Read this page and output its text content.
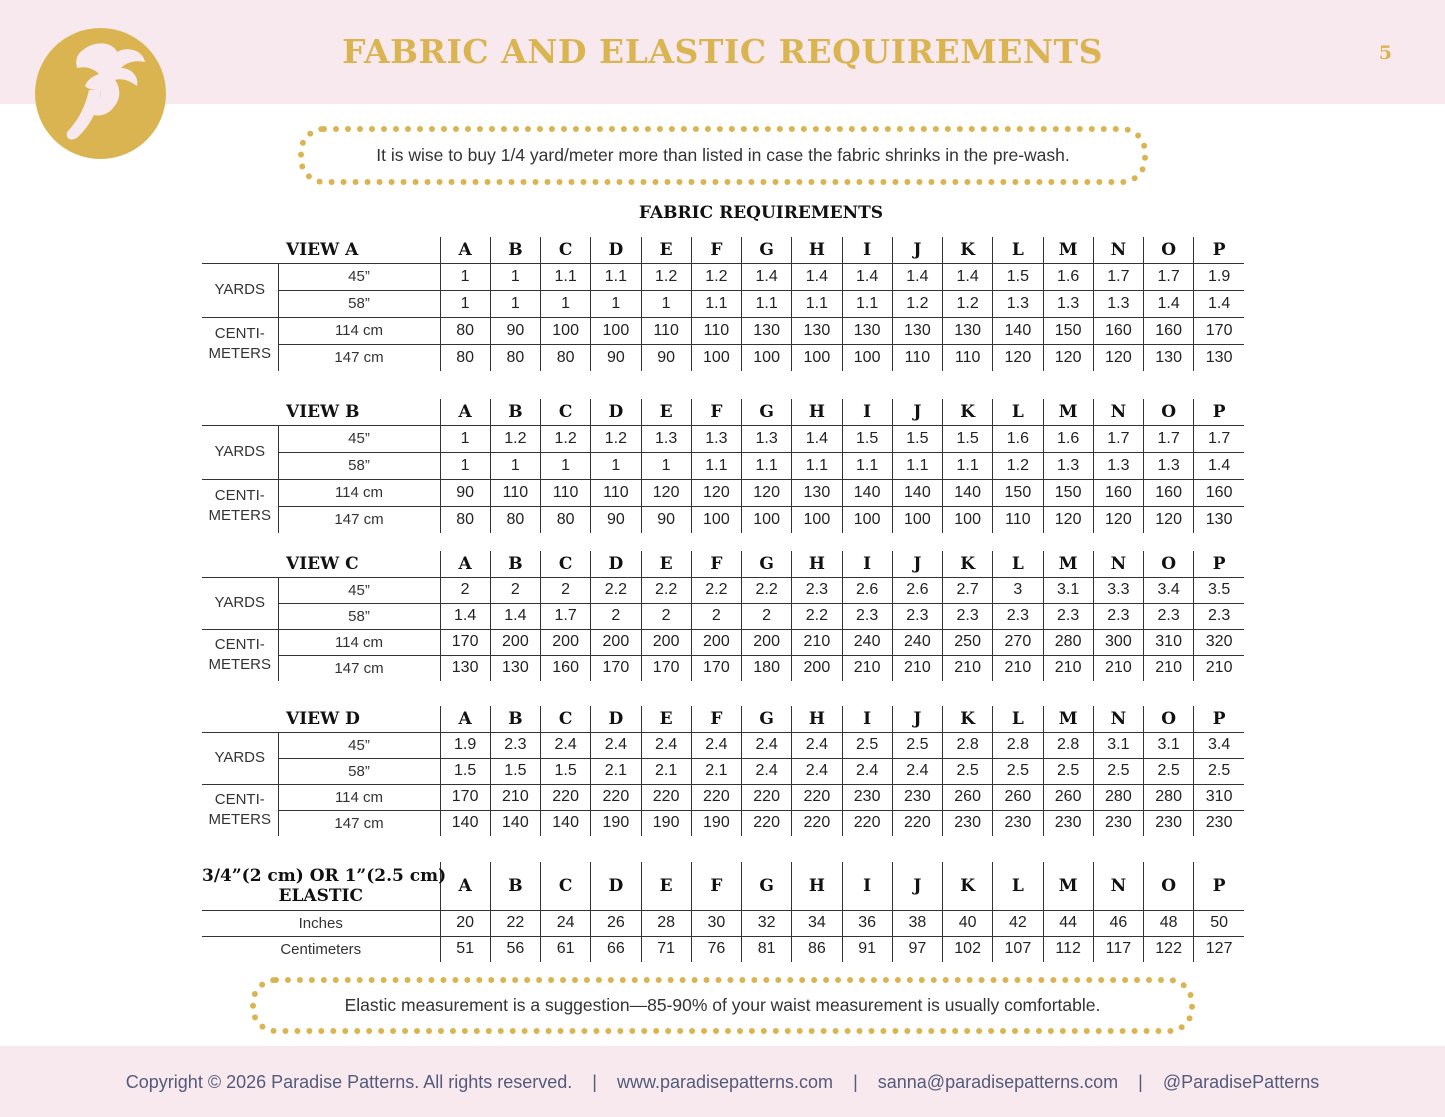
FABRIC AND ELASTIC REQUIREMENTS	5
It is wise to buy 1/4 yard/meter more than listed in case the fabric shrinks in the pre-wash.
FABRIC REQUIREMENTS
	VIEW A	A	B	C	D	E	F	G	H	I	J	K	L	M	N	O	P
YARDS	45”	1	1	1.1	1.1	1.2	1.2	1.4	1.4	1.4	1.4	1.4	1.5	1.6	1.7	1.7	1.9
	58”	1	1	1	1	1	1.1	1.1	1.1	1.1	1.2	1.2	1.3	1.3	1.3	1.4	1.4

CENTI-
METERS	114 cm	80	90	100	100	110	110	130	130	130	130	130	140	150	160	160	170
	147 cm	80	80	80	90	90	100	100	100	100	110	110	120	120	120	130	130
	VIEW B	A	B	C	D	E	F	G	H	I	J	K	L	M	N	O	P
YARDS	45”	1	1.2	1.2	1.2	1.3	1.3	1.3	1.4	1.5	1.5	1.5	1.6	1.6	1.7	1.7	1.7
	58”	1	1	1	1	1	1.1	1.1	1.1	1.1	1.1	1.1	1.2	1.3	1.3	1.3	1.4

CENTI-
METERS	114 cm	90	110	110	110	120	120	120	130	140	140	140	150	150	160	160	160
	147 cm	80	80	80	90	90	100	100	100	100	100	100	110	120	120	120	130
	VIEW C	A	B	C	D	E	F	G	H	I	J	K	L	M	N	O	P
YARDS	45”	2	2	2	2.2	2.2	2.2	2.2	2.3	2.6	2.6	2.7	3	3.1	3.3	3.4	3.5
	58”	1.4	1.4	1.7	2	2	2	2	2.2	2.3	2.3	2.3	2.3	2.3	2.3	2.3	2.3

CENTI-
METERS	114 cm	170	200	200	200	200	200	200	210	240	240	250	270	280	300	310	320
	147 cm	130	130	160	170	170	170	180	200	210	210	210	210	210	210	210	210
	VIEW D	A	B	C	D	E	F	G	H	I	J	K	L	M	N	O	P
YARDS	45”	1.9	2.3	2.4	2.4	2.4	2.4	2.4	2.4	2.5	2.5	2.8	2.8	2.8	3.1	3.1	3.4
	58”	1.5	1.5	1.5	2.1	2.1	2.1	2.4	2.4	2.4	2.4	2.5	2.5	2.5	2.5	2.5	2.5

CENTI-
METERS	114 cm	170	210	220	220	220	220	220	220	230	230	260	260	260	280	280	310
	147 cm	140	140	140	190	190	190	220	220	220	220	230	230	230	230	230	230
3/4”(2 cm) OR 1”(2.5 cm)
ELASTIC	A	B	C	D	E	F	G	H	I	J	K	L	M	N	O	P
Inches	20	22	24	26	28	30	32	34	36	38	40	42	44	46	48	50
Centimeters	51	56	61	66	71	76	81	86	91	97	102	107	112	117	122	127
Elastic measurement is a suggestion—85-90% of your waist measurement is usually comfortable.
Copyright © 2026 Paradise Patterns. All rights reserved. | www.paradisepatterns.com | sanna@paradisepatterns.com | @ParadisePatterns
